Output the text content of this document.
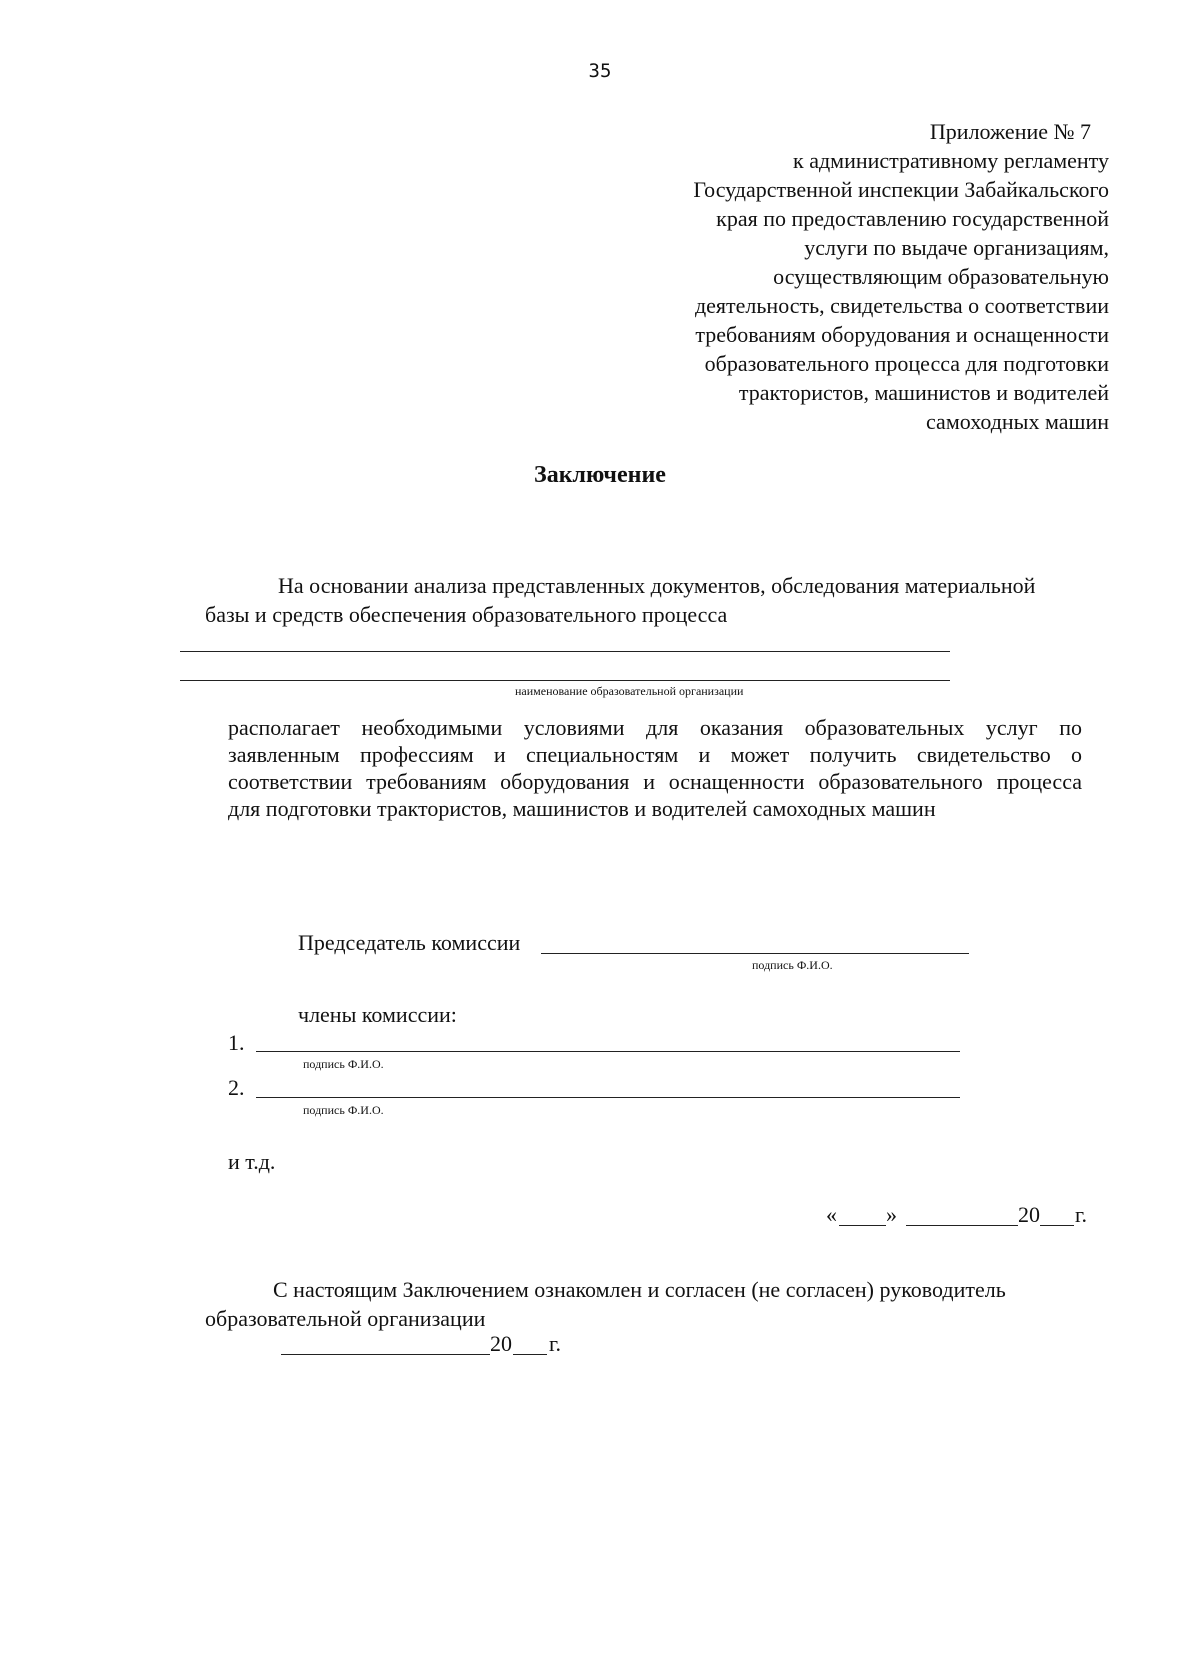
35
Приложение № 7
к административному регламенту
Государственной инспекции Забайкальского
края по предоставлению государственной
услуги по выдаче организациям,
осуществляющим образовательную
деятельность, свидетельства о соответствии
требованиям оборудования и оснащенности
образовательного процесса для подготовки
трактористов, машинистов и водителей
самоходных машин
Заключение
На основании анализа представленных документов, обследования материальной
базы и средств обеспечения образовательного процесса
наименование образовательной организации
располагает необходимыми условиями для оказания образовательных услуг по
заявленным профессиям и специальностям и может получить свидетельство о
соответствии требованиям оборудования и оснащенности образовательного процесса
для подготовки трактористов, машинистов и водителей самоходных машин
Председатель комиссии
подпись Ф.И.О.
члены комиссии:
1.
подпись Ф.И.О.
2.
подпись Ф.И.О.
и т.д.
« »	20 г.
С настоящим Заключением ознакомлен и согласен (не согласен) руководитель
образовательной организации
20 г.
